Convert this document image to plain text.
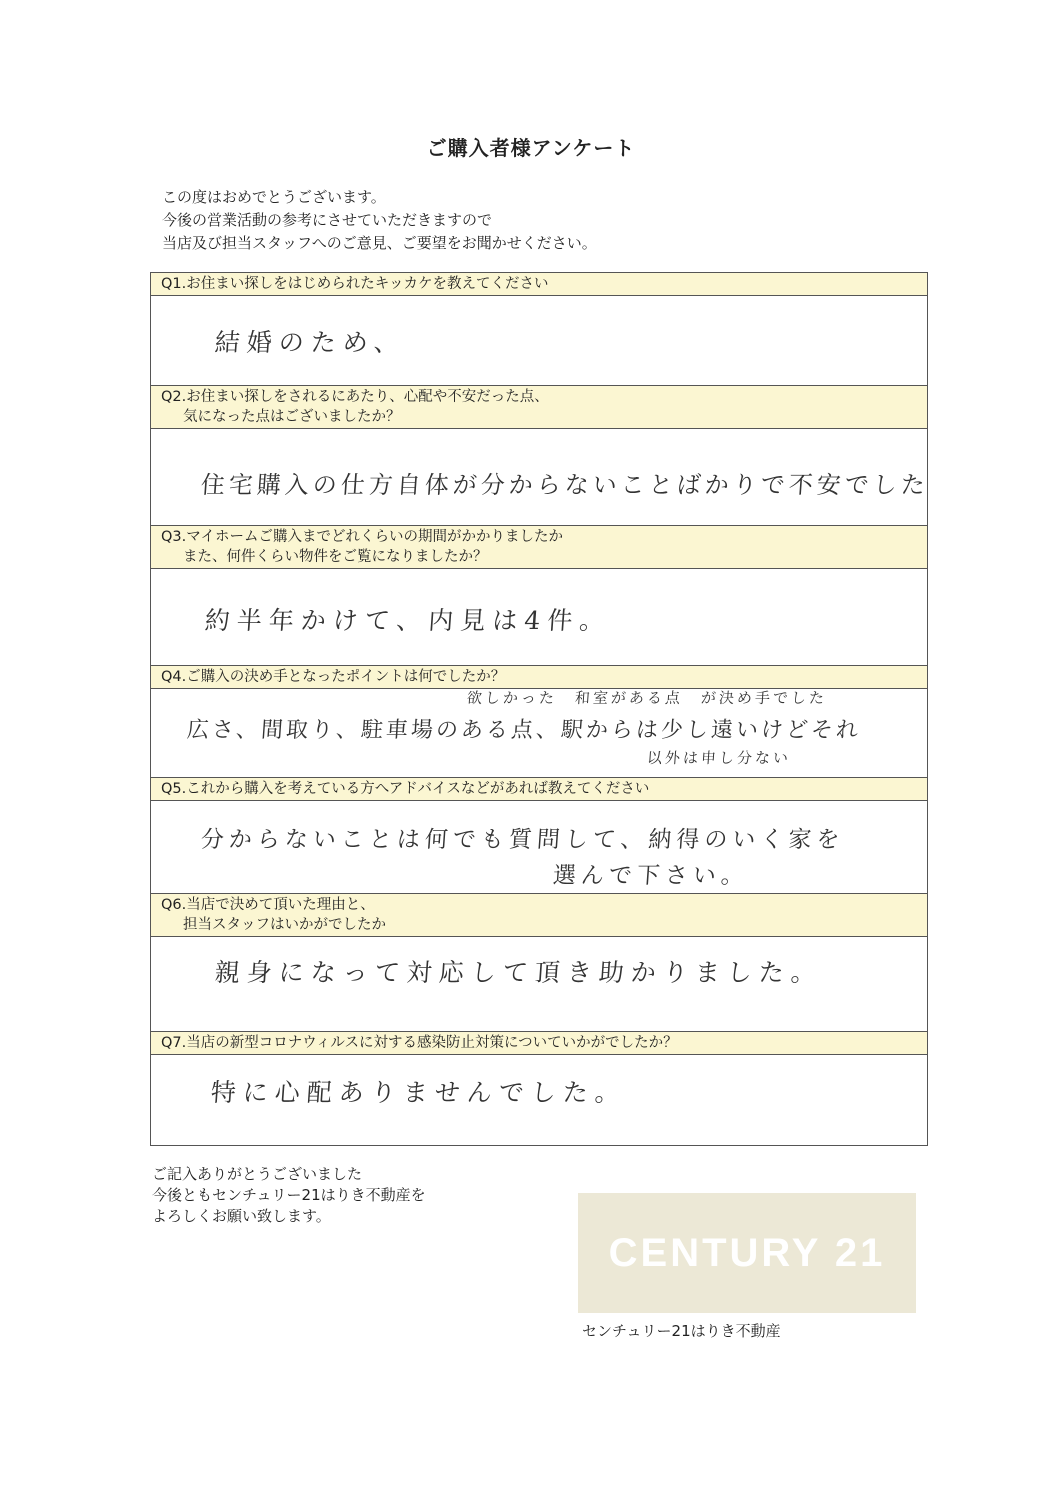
ご購入者様アンケート
この度はおめでとうございます。
今後の営業活動の参考にさせていただきますので
当店及び担当スタッフへのご意見、ご要望をお聞かせください。
Q1.お住まい探しをはじめられたキッカケを教えてください
結婚のため、
Q2.お住まい探しをされるにあたり、心配や不安だった点、
気になった点はございましたか？
住宅購入の仕方自体が分からないことばかりで不安でした
Q3.マイホームご購入までどれくらいの期間がかかりましたか
また、何件くらい物件をご覧になりましたか？
約半年かけて、内見は4件。
Q4.ご購入の決め手となったポイントは何でしたか？
欲しかった　和室がある点　が決め手でした
広さ、間取り、駐車場のある点、駅からは少し遠いけどそれ
以外は申し分ない
Q5.これから購入を考えている方へアドバイスなどがあれば教えてください
分からないことは何でも質問して、納得のいく家を
選んで下さい。
Q6.当店で決めて頂いた理由と、
担当スタッフはいかがでしたか
親身になって対応して頂き助かりました。
Q7.当店の新型コロナウィルスに対する感染防止対策についていかがでしたか？
特に心配ありませんでした。
ご記入ありがとうございました
今後ともセンチュリー21はりき不動産を
よろしくお願い致します。
CENTURY 21
センチュリー21はりき不動産
